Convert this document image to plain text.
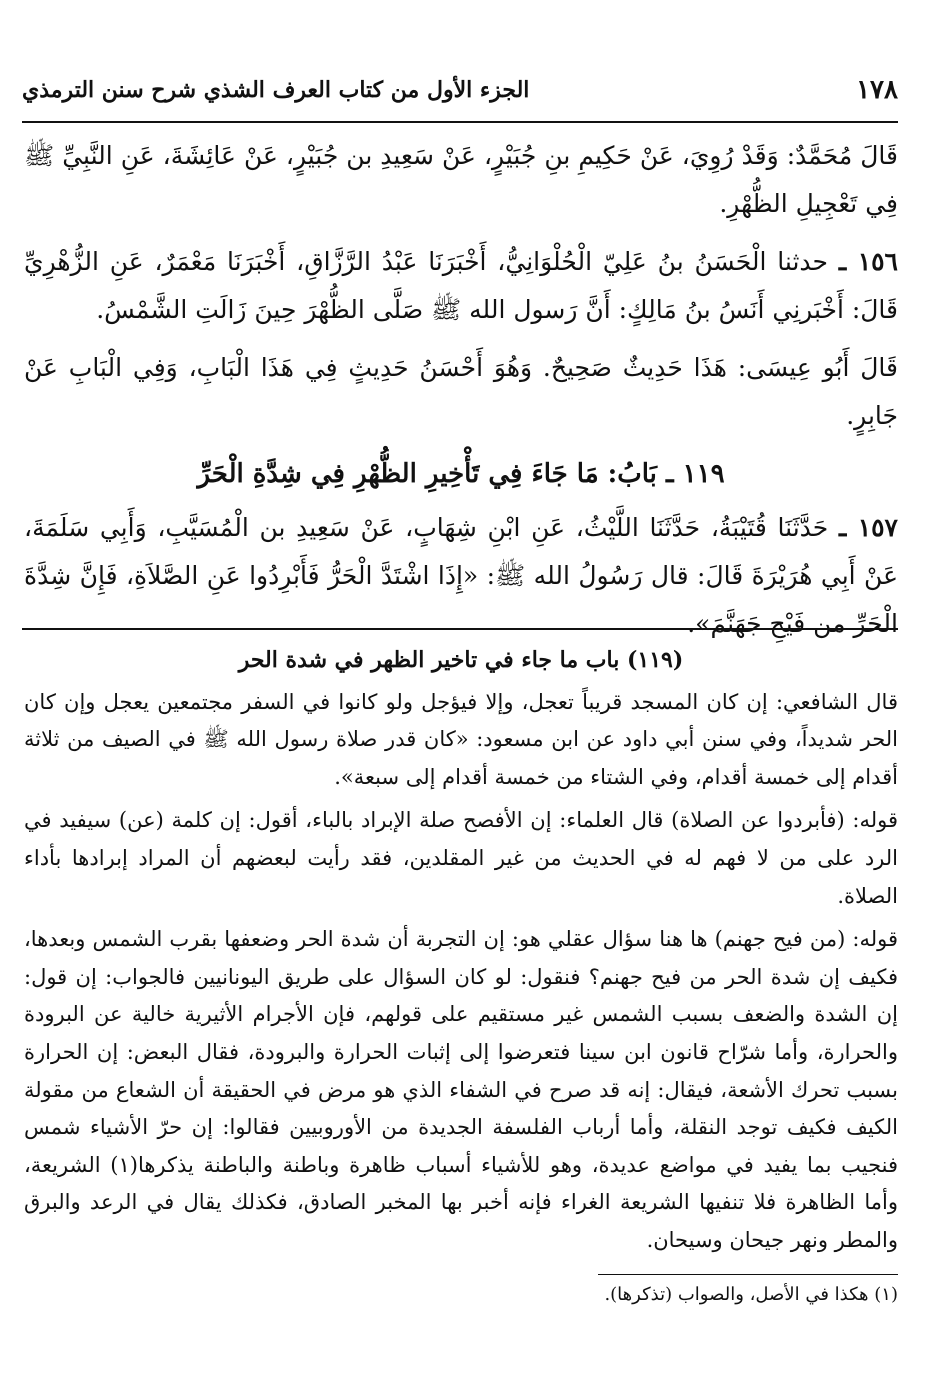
١٧٨
الجزء الأول من كتاب العرف الشذي شرح سنن الترمذي

قَالَ مُحَمَّدٌ: وَقَدْ رُوِيَ، عَنْ حَكِيمِ بنِ جُبَيْرٍ، عَنْ سَعِيدِ بن جُبَيْرٍ، عَنْ عَائِشَةَ، عَنِ النَّبِيِّ ﷺ فِي تَعْجِيلِ الظُّهْرِ.

١٥٦ ـ حدثنا الْحَسَنُ بنُ عَلِيّ الْحُلْوَانِيُّ، أَخْبَرَنَا عَبْدُ الرَّزَّاقِ، أَخْبَرَنَا مَعْمَرٌ، عَنِ الزُّهْرِيِّ قَالَ: أَخْبَرنِي أَنَسُ بنُ مَالِكٍ: أَنَّ رَسول الله ﷺ صَلَّى الظُّهْرَ حِينَ زَالَتِ الشَّمْسُ.

قَالَ أَبُو عِيسَى: هَذَا حَدِيثٌ صَحِيحٌ. وَهُوَ أَحْسَنُ حَدِيثٍ فِي هَذَا الْبَابِ، وَفِي الْبَابِ عَنْ جَابِرٍ.

١١٩ ـ بَابُ: مَا جَاءَ فِي تَأْخِيرِ الظُّهْرِ فِي شِدَّةِ الْحَرِّ

١٥٧ ـ حَدَّثَنَا قُتَيْبَةُ، حَدَّثَنَا اللَّيْثُ، عَنِ ابْنِ شِهَابٍ، عَنْ سَعِيدِ بن الْمُسَيَّبِ، وَأَبِي سَلَمَةَ، عَنْ أَبِي هُرَيْرَةَ قَالَ: قال رَسُولُ الله ﷺ: «إِذَا اشْتَدَّ الْحَرُّ فَأَبْرِدُوا عَنِ الصَّلاَةِ، فَإِنَّ شِدَّةَ الْحَرِّ من فَيْحِ جَهَنَّمَ».

(١١٩) باب ما جاء في تاخير الظهر في شدة الحر

قال الشافعي: إن كان المسجد قريباً تعجل، وإلا فيؤجل ولو كانوا في السفر مجتمعين يعجل وإن كان الحر شديداً، وفي سنن أبي داود عن ابن مسعود: «كان قدر صلاة رسول الله ﷺ في الصيف من ثلاثة أقدام إلى خمسة أقدام، وفي الشتاء من خمسة أقدام إلى سبعة».

قوله: (فأبردوا عن الصلاة) قال العلماء: إن الأفصح صلة الإبراد بالباء، أقول: إن كلمة (عن) سيفيد في الرد على من لا فهم له في الحديث من غير المقلدين، فقد رأيت لبعضهم أن المراد إبرادها بأداء الصلاة.

قوله: (من فيح جهنم) ها هنا سؤال عقلي هو: إن التجربة أن شدة الحر وضعفها بقرب الشمس وبعدها، فكيف إن شدة الحر من فيح جهنم؟ فنقول: لو كان السؤال على طريق اليونانيين فالجواب: إن قول: إن الشدة والضعف بسبب الشمس غير مستقيم على قولهم، فإن الأجرام الأثيرية خالية عن البرودة والحرارة، وأما شرّاح قانون ابن سينا فتعرضوا إلى إثبات الحرارة والبرودة، فقال البعض: إن الحرارة بسبب تحرك الأشعة، فيقال: إنه قد صرح في الشفاء الذي هو مرض في الحقيقة أن الشعاع من مقولة الكيف فكيف توجد النقلة، وأما أرباب الفلسفة الجديدة من الأوروبيين فقالوا: إن حرّ الأشياء شمس فنجيب بما يفيد في مواضع عديدة، وهو للأشياء أسباب ظاهرة وباطنة والباطنة يذكرها(١) الشريعة، وأما الظاهرة فلا تنفيها الشريعة الغراء فإنه أخبر بها المخبر الصادق، فكذلك يقال في الرعد والبرق والمطر ونهر جيحان وسيحان.

(١) هكذا في الأصل، والصواب (تذكرها).
